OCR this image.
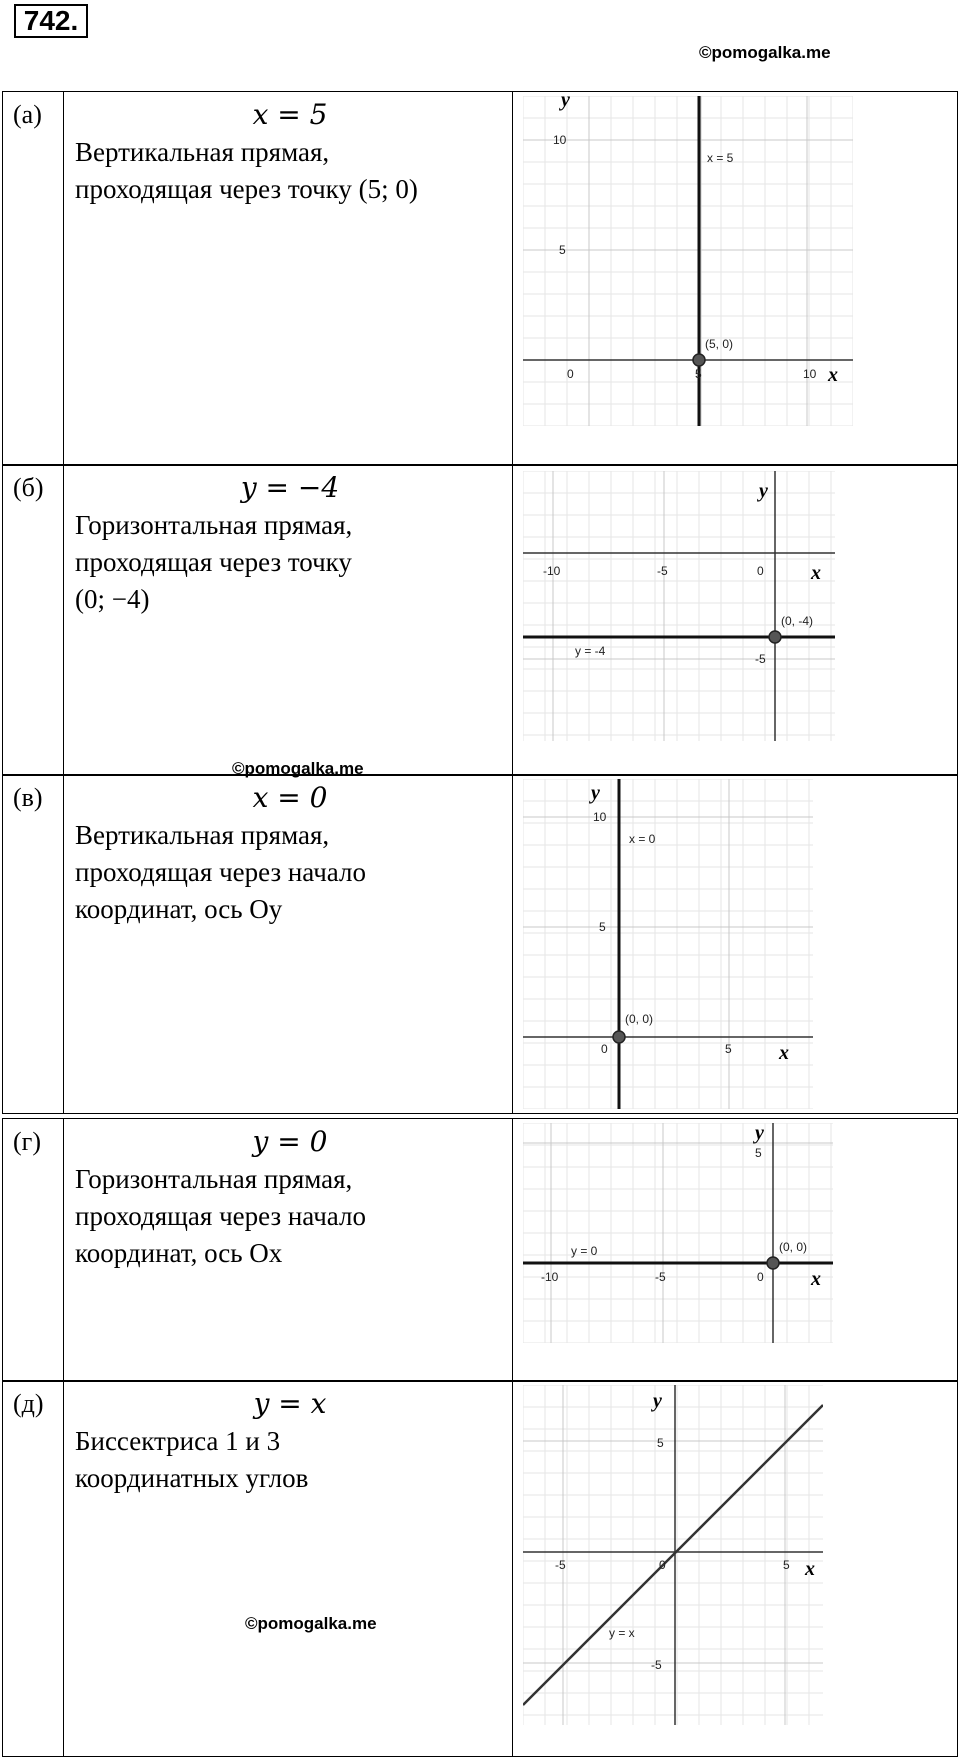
742.
©pomogalka.me
(а)	x = 5
Вертикальная прямая,
проходящая через точку (5; 0)
y
10
5
0	5	10 x
x = 5
(5, 0)
(б)	y = −4
Горизонтальная прямая,
проходящая через точку
(0; −4)
y
-10	-5	0 x
(0, -4)
y = -4
-5
©pomogalka.me
(в)	x = 0
Вертикальная прямая,
проходящая через начало
координат, ось Oy
y
10
5
x = 0
(0, 0)
0	5 x
(г)	y = 0
Горизонтальная прямая,
проходящая через начало
координат, ось Ox
y
5
y = 0	(0, 0)
-10	-5	0 x
(д)	y = x
Биссектриса 1 и 3
координатных углов
y
5
-5	0	5 x
y = x
-5
©pomogalka.me
